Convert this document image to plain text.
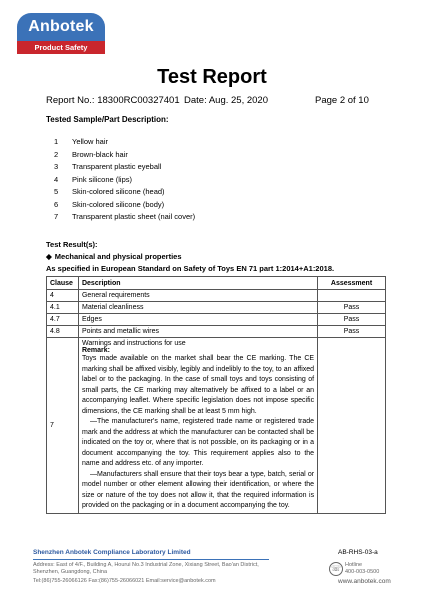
Anbotek
Product Safety
Test Report
Report No.: 18300RC00327401 Date: Aug. 25, 2020	Page 2 of 10
Tested Sample/Part Description:
1 Yellow hair
2 Brown-black hair
3 Transparent plastic eyeball
4 Pink silicone (lips)
5 Skin-colored silicone (head)
6 Skin-colored silicone (body)
7 Transparent plastic sheet (nail cover)
Test Result(s):
◆ Mechanical and physical properties
As specified in European Standard on Safety of Toys EN 71 part 1:2014+A1:2018.
Clause	Description	Assessment
4	General requirements	
4.1	Material cleanliness	Pass
4.7	Edges	Pass
4.8	Points and metallic wires	Pass
7	Warnings and instructions for use
Remark:
Toys made available on the market shall bear the CE marking. The CE marking shall be affixed visibly, legibly and indelibly to the toy, to an affixed label or to the packaging. In the case of small toys and toys consisting of small parts, the CE marking may alternatively be affixed to a label or an accompanying leaflet. Where specific legislation does not impose specific dimensions, the CE marking shall be at least 5 mm high.
—The manufacturer's name, registered trade name or registered trade mark and the address at which the manufacturer can be contacted shall be indicated on the toy or, where that is not possible, on its packaging or in a document accompanying the toy. This requirement applies also to the name and address etc. of any importer.
—Manufacturers shall ensure that their toys bear a type, batch, serial or model number or other element allowing their identification, or where the size or nature of the toy does not allow it, that the required information is provided on the packaging or in a document accompanying the toy.	

Shenzhen Anbotek Compliance Laboratory Limited	AB-RHS-03-a
Address: East of 4/F., Building A, Hourui No.3 Industrial Zone, Xixiang Street, Bao'an District, Shenzhen, Guangdong, China
Tel:(86)755-26066126 Fax:(86)755-26066021 Email:service@anbotek.com
☏ Hotline
400-003-0500
www.anbotek.com
